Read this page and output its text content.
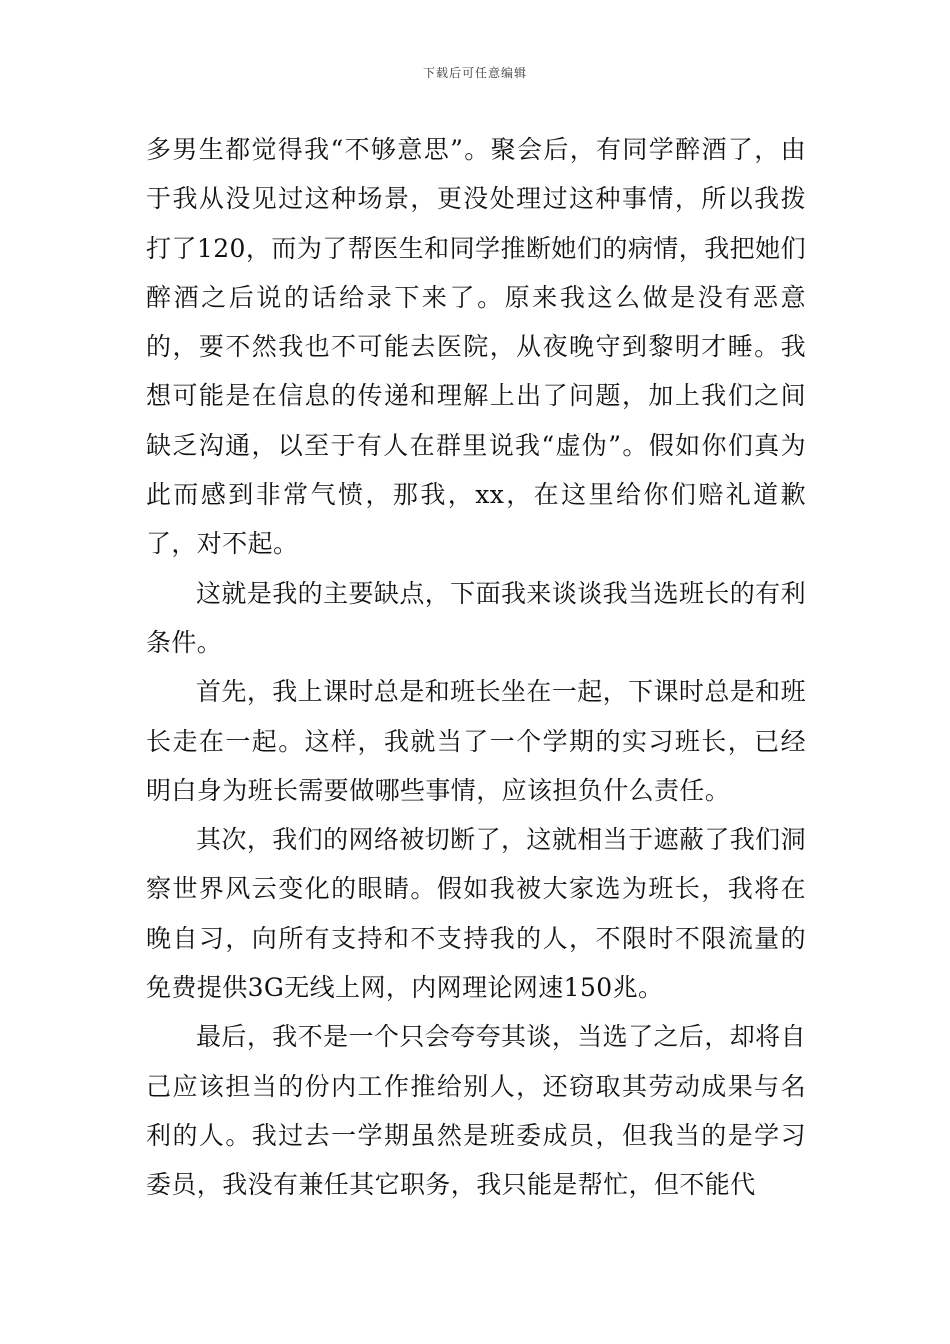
下载后可任意编辑

多男生都觉得我“不够意思”。聚会后，有同学醉酒了，由于我从没见过这种场景，更没处理过这种事情，所以我拨打了120，而为了帮医生和同学推断她们的病情，我把她们醉酒之后说的话给录下来了。原来我这么做是没有恶意的，要不然我也不可能去医院，从夜晚守到黎明才睡。我想可能是在信息的传递和理解上出了问题，加上我们之间缺乏沟通，以至于有人在群里说我“虚伪”。假如你们真为此而感到非常气愤，那我，xx，在这里给你们赔礼道歉了，对不起。

这就是我的主要缺点，下面我来谈谈我当选班长的有利条件。

首先，我上课时总是和班长坐在一起，下课时总是和班长走在一起。这样，我就当了一个学期的实习班长，已经明白身为班长需要做哪些事情，应该担负什么责任。

其次，我们的网络被切断了，这就相当于遮蔽了我们洞察世界风云变化的眼睛。假如我被大家选为班长，我将在晚自习，向所有支持和不支持我的人，不限时不限流量的免费提供3G无线上网，内网理论网速150兆。

最后，我不是一个只会夸夸其谈，当选了之后，却将自己应该担当的份内工作推给别人，还窃取其劳动成果与名利的人。我过去一学期虽然是班委成员，但我当的是学习委员，我没有兼任其它职务，我只能是帮忙，但不能代
